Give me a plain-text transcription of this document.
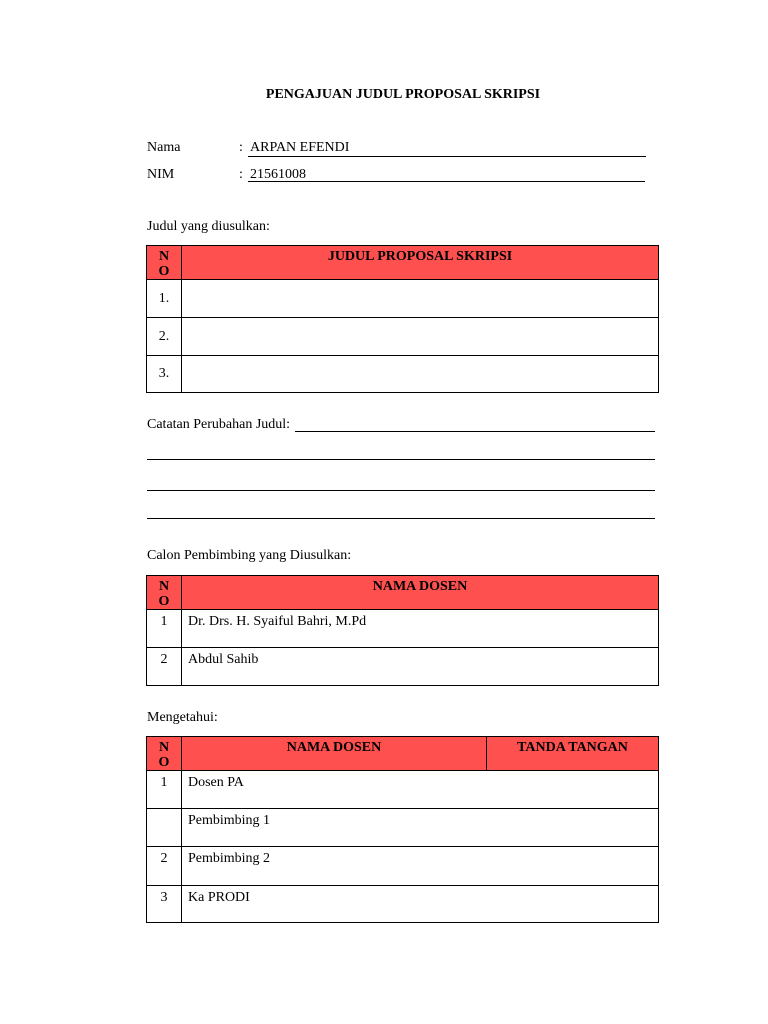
PENGAJUAN JUDUL PROPOSAL SKRIPSI
Nama	: ARPAN EFENDI
NIM	: 21561008
Judul yang diusulkan:
N
O	JUDUL PROPOSAL SKRIPSI
1.	
2.	
3.	
Catatan Perubahan Judul:
Calon Pembimbing yang Diusulkan:
N
O	NAMA DOSEN
1	Dr. Drs. H. Syaiful Bahri, M.Pd
2	Abdul Sahib
Mengetahui:
N
O	NAMA DOSEN	TANDA TANGAN
1	Dosen PA	
	Pembimbing 1	
2	Pembimbing 2	
3	Ka PRODI	
